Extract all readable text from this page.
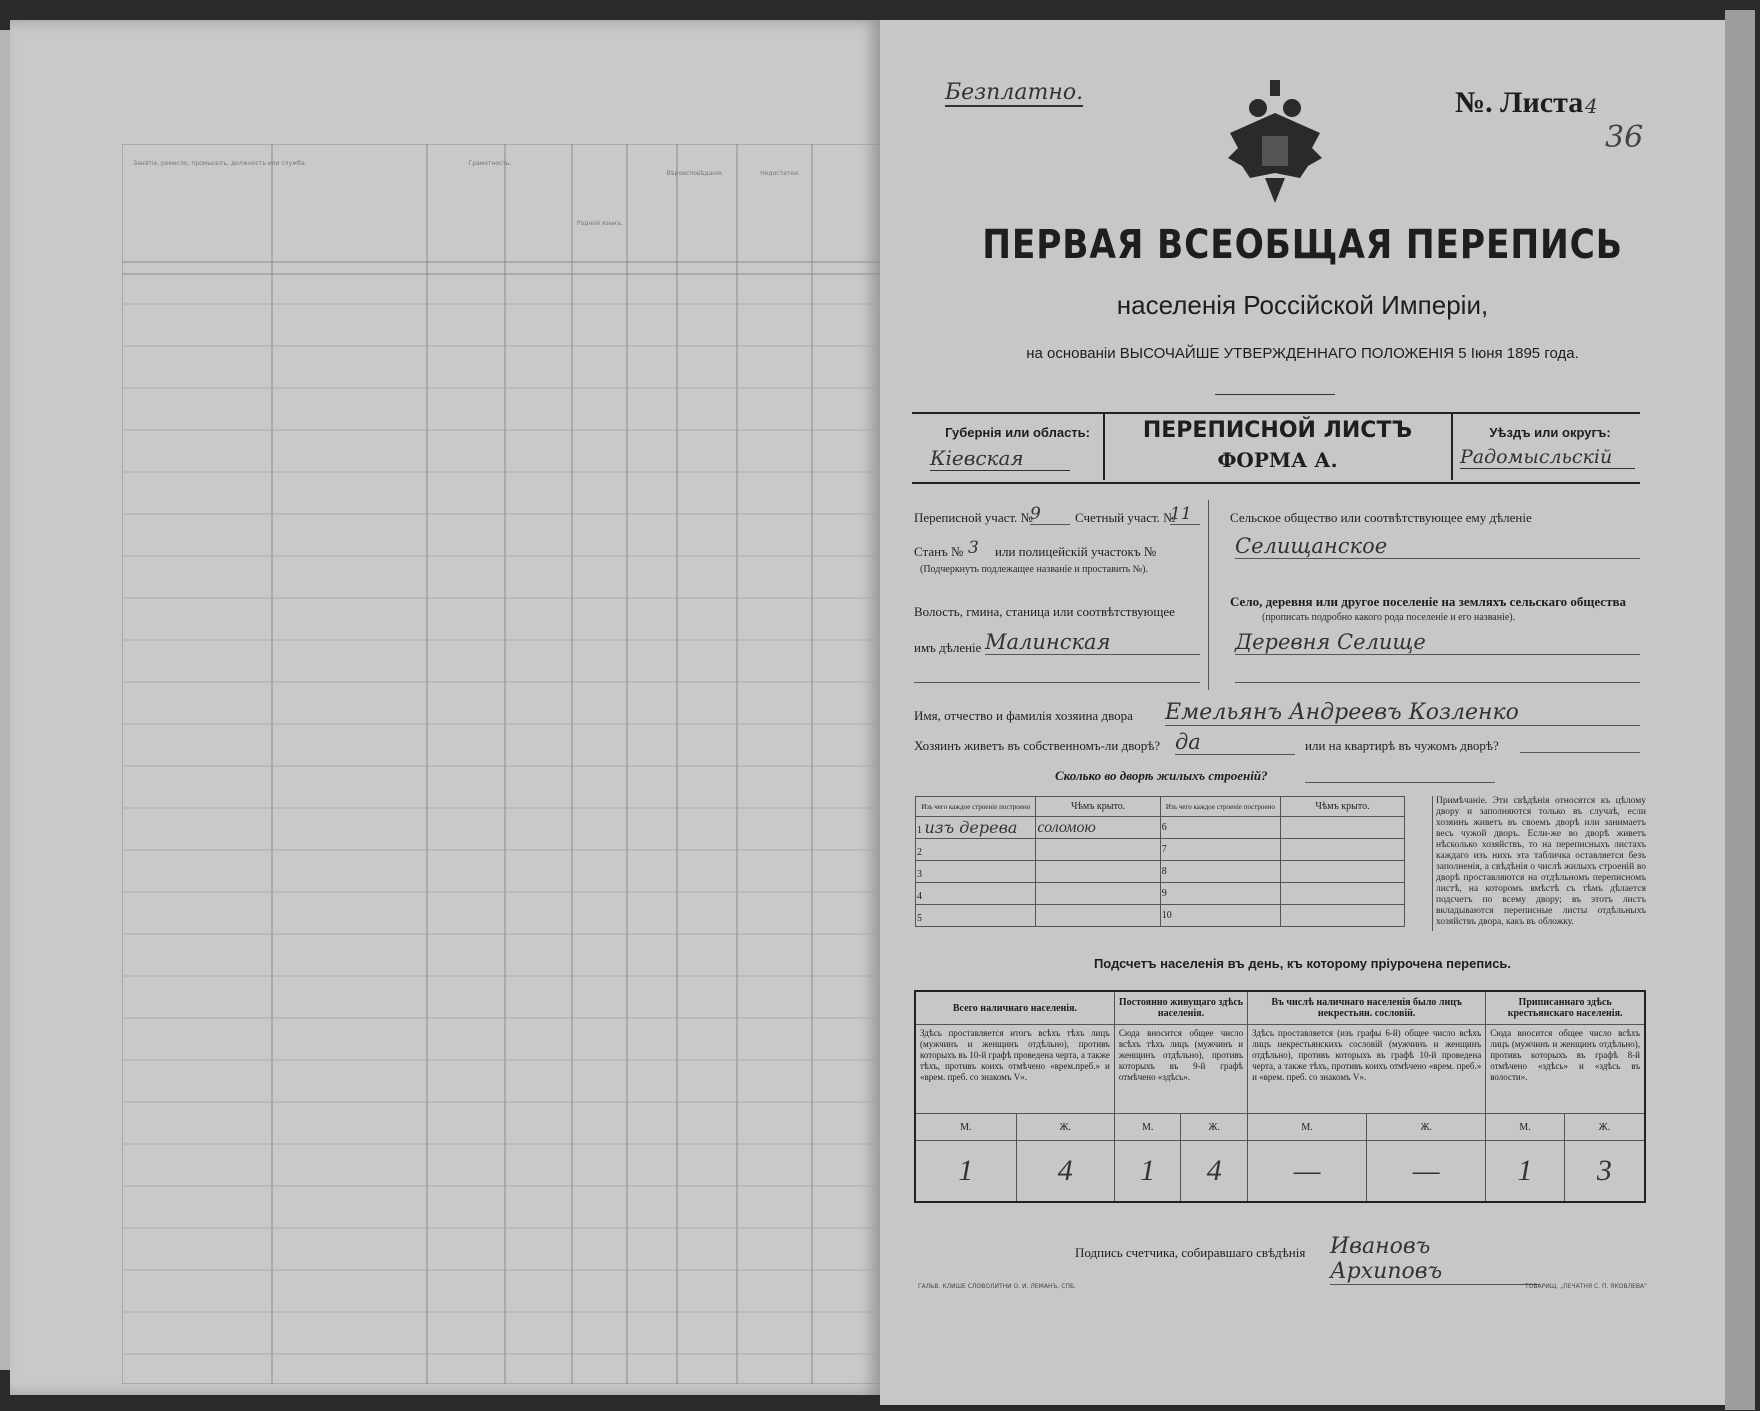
Занятіе, ремесло, промыселъ, должность или служба.	Грамотность.
Родной языкъ.
Вѣроисповѣданіе.	Недостатки.
Безплатно.	№. Листа 4
36
ПЕРВАЯ ВСЕОБЩАЯ ПЕРЕПИСЬ
населенія Россійской Имперіи,
на основаніи ВЫСОЧАЙШЕ УТВЕРЖДЕННАГО ПОЛОЖЕНІЯ 5 Іюня 1895 года.
Губернія или область:
Кіевская
ПЕРЕПИСНОЙ ЛИСТЪ
ФОРМА А.
Уѣздъ или округъ:
Радомысльскій
Переписной участ. №
9	Счетный участ. №
11
Станъ № 3	или полицейскій участокъ №
(Подчеркнуть подлежащее названіе и проставить №).
Волость, гмина, станица или соотвѣтствующее
имъ дѣленіе Малинская
Сельское общество или соотвѣтствующее ему дѣленіе
Селищанское
Село, деревня или другое поселеніе на земляхъ сельскаго общества
(прописать подробно какого рода поселеніе и его названіе).
Деревня Селище
Имя, отчество и фамилія хозяина двора Емельянъ Андреевъ Козленко
Хозяинъ живетъ въ собственномъ-ли дворѣ? да	или на квартирѣ въ чужомъ дворѣ?
Сколько во дворѣ жилыхъ строеній?
Изъ чего каждое строеніе построено	Чѣмъ крыто.	Изъ чего каждое строеніе построено	Чѣмъ крыто.
1 изъ дерева	соломою	6	
2		7	
3		8	
4		9	
5		10	
Примѣчаніе. Эти свѣдѣнія относятся къ цѣлому двору и заполняются только въ случаѣ, если хозяинъ живетъ въ своемъ дворѣ или занимаетъ весь чужой дворъ. Если-же во дворѣ живетъ нѣсколько хозяйствъ, то на переписныхъ листахъ каждаго изъ нихъ эта табличка оставляется безъ заполненія, а свѣдѣнія о числѣ жилыхъ строеній во дворѣ проставляются на отдѣльномъ переписномъ листѣ, на которомъ вмѣстѣ съ тѣмъ дѣлается подсчетъ по всему двору; въ этотъ листъ вкладываются переписные листы отдѣльныхъ хозяйствъ двора, какъ въ обложку.
Подсчетъ населенія въ день, къ которому пріурочена перепись.
Всего наличнаго населенія.		Постоянно живущаго здѣсь населенія.		Въ числѣ наличнаго населенія было лицъ некрестьян. сословій.		Приписаннаго здѣсь крестьянскаго населенія.	
Здѣсь проставляется итогъ всѣхъ тѣхъ лицъ (мужчинъ и женщинъ отдѣльно), противъ которыхъ въ 10-й графѣ проведена черта, а также тѣхъ, противъ коихъ отмѣчено «врем.преб.» и «врем. преб. со знакомъ V».		Сюда вносится общее число всѣхъ тѣхъ лицъ (мужчинъ и женщинъ отдѣльно), противъ которыхъ въ 9-й графѣ отмѣчено «здѣсь».		Здѣсь проставляется (изъ графы 6-й) общее число всѣхъ лицъ некрестьянскихъ сословій (мужчинъ и женщинъ отдѣльно), противъ которыхъ въ графѣ 10-й проведена черта, а также тѣхъ, противъ коихъ отмѣчено «врем. преб.» и «врем. преб. со знакомъ V».		Сюда вносится общее число всѣхъ лицъ (мужчинъ и женщинъ отдѣльно), противъ которыхъ въ графѣ 8-й отмѣчено «здѣсь» и «здѣсь въ волости».	
М.	Ж.	М.	Ж.	М.	Ж.	М.	Ж.
1	4	1	4	—	—	1	3
Подпись счетчика, собиравшаго свѣдѣнія Ивановъ Архиповъ
ГАЛЬВ. КЛИШЕ СЛОВОЛИТНИ О. И. ЛЕМАНЪ, СПБ.	ТОВАРИЩ. „ПЕЧАТНЯ С. П. ЯКОВЛЕВА"
